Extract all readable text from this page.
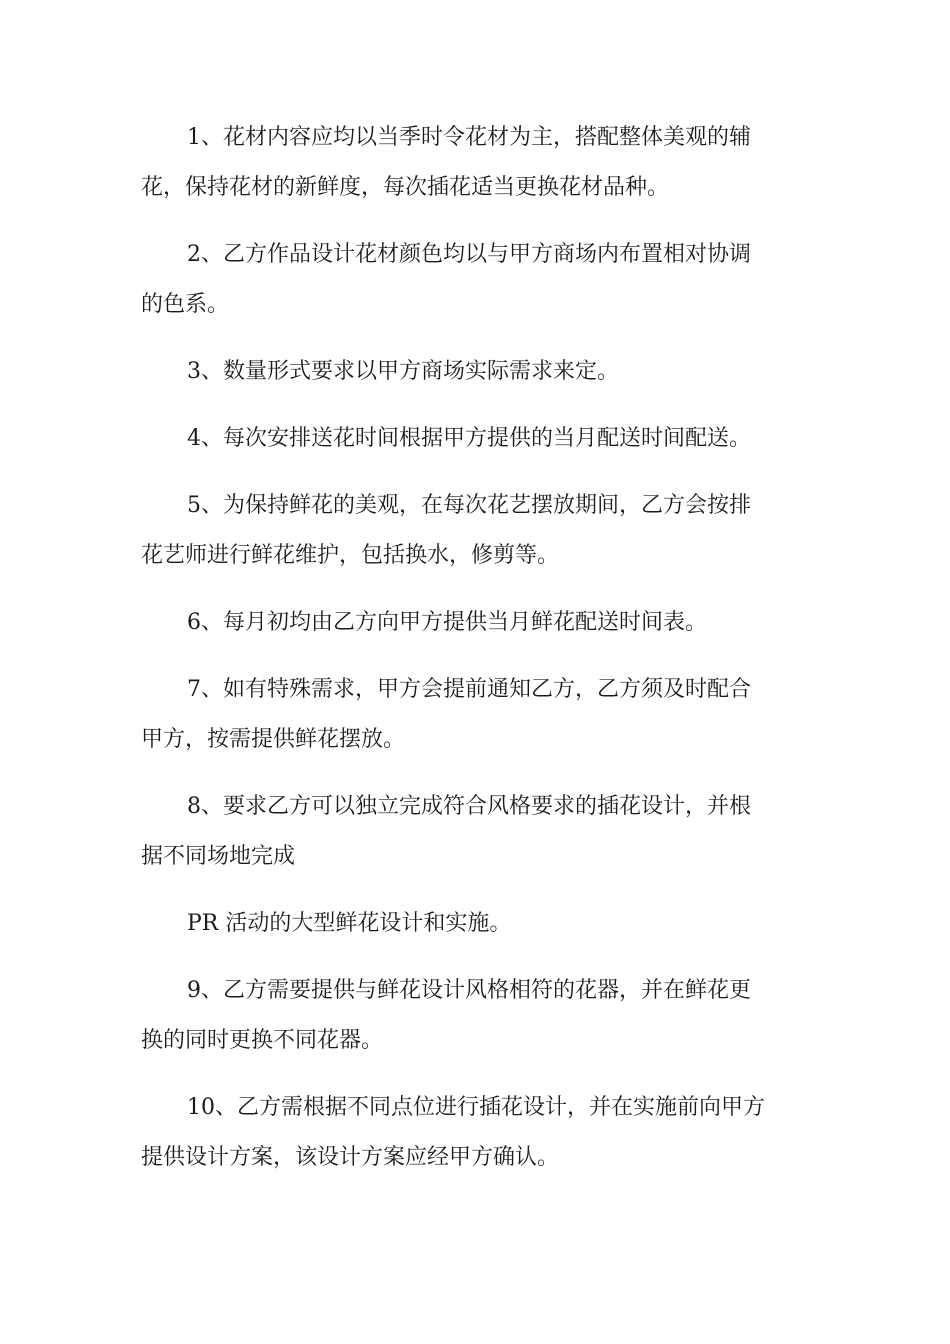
1、花材内容应均以当季时令花材为主，搭配整体美观的辅
花，保持花材的新鲜度，每次插花适当更换花材品种。
2、乙方作品设计花材颜色均以与甲方商场内布置相对协调
的色系。
3、数量形式要求以甲方商场实际需求来定。
4、每次安排送花时间根据甲方提供的当月配送时间配送。
5、为保持鲜花的美观，在每次花艺摆放期间，乙方会按排
花艺师进行鲜花维护，包括换水，修剪等。
6、每月初均由乙方向甲方提供当月鲜花配送时间表。
7、如有特殊需求，甲方会提前通知乙方，乙方须及时配合
甲方，按需提供鲜花摆放。
8、要求乙方可以独立完成符合风格要求的插花设计，并根
据不同场地完成
PR 活动的大型鲜花设计和实施。
9、乙方需要提供与鲜花设计风格相符的花器，并在鲜花更
换的同时更换不同花器。
10、乙方需根据不同点位进行插花设计，并在实施前向甲方
提供设计方案，该设计方案应经甲方确认。
